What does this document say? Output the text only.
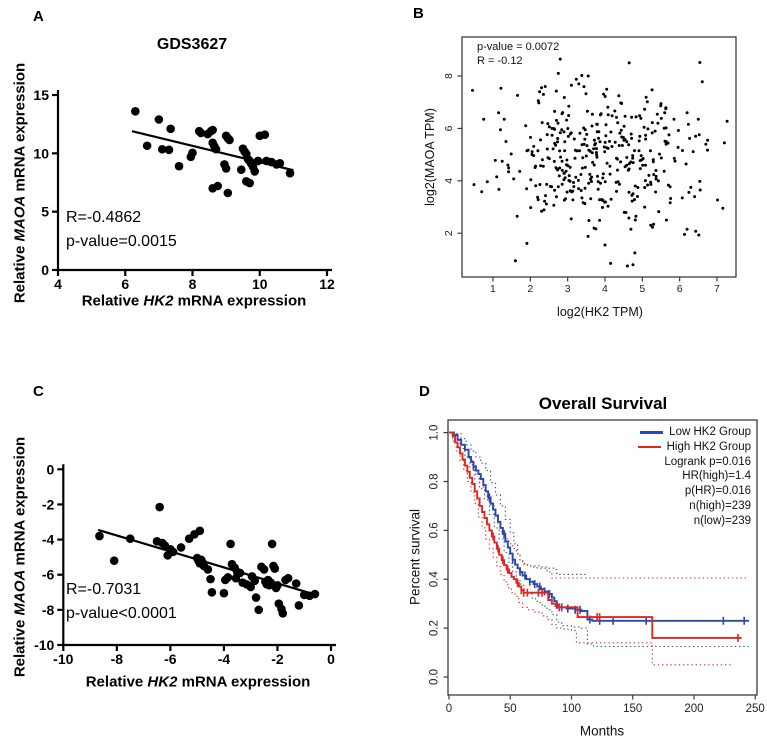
4	6	8	10	12
0
5
10
15
-10	-8	-6	-4	-2	0
0
-2
-4
-6
-8
-10
1	2	3	4	5	6	7
2
4
6
8
0	50	100	150	200	250
0.0
0.2
0.4
0.6
0.8
1.0
A	B
C	D
GDS3627
Relative MAOA mRNA expression
Relative HK2 mRNA expression
R=-0.4862
p-value=0.0015
log2(MAOA TPM)
log2(HK2 TPM)
p-value = 0.0072
R = -0.12
Relative MAOA mRNA expression
Relative HK2 mRNA expression
R=-0.7031
p-value<0.0001
Overall Survival
Percent survival
Months
Low HK2 Group
High HK2 Group
Logrank p=0.016
HR(high)=1.4
p(HR)=0.016
n(high)=239
n(low)=239
